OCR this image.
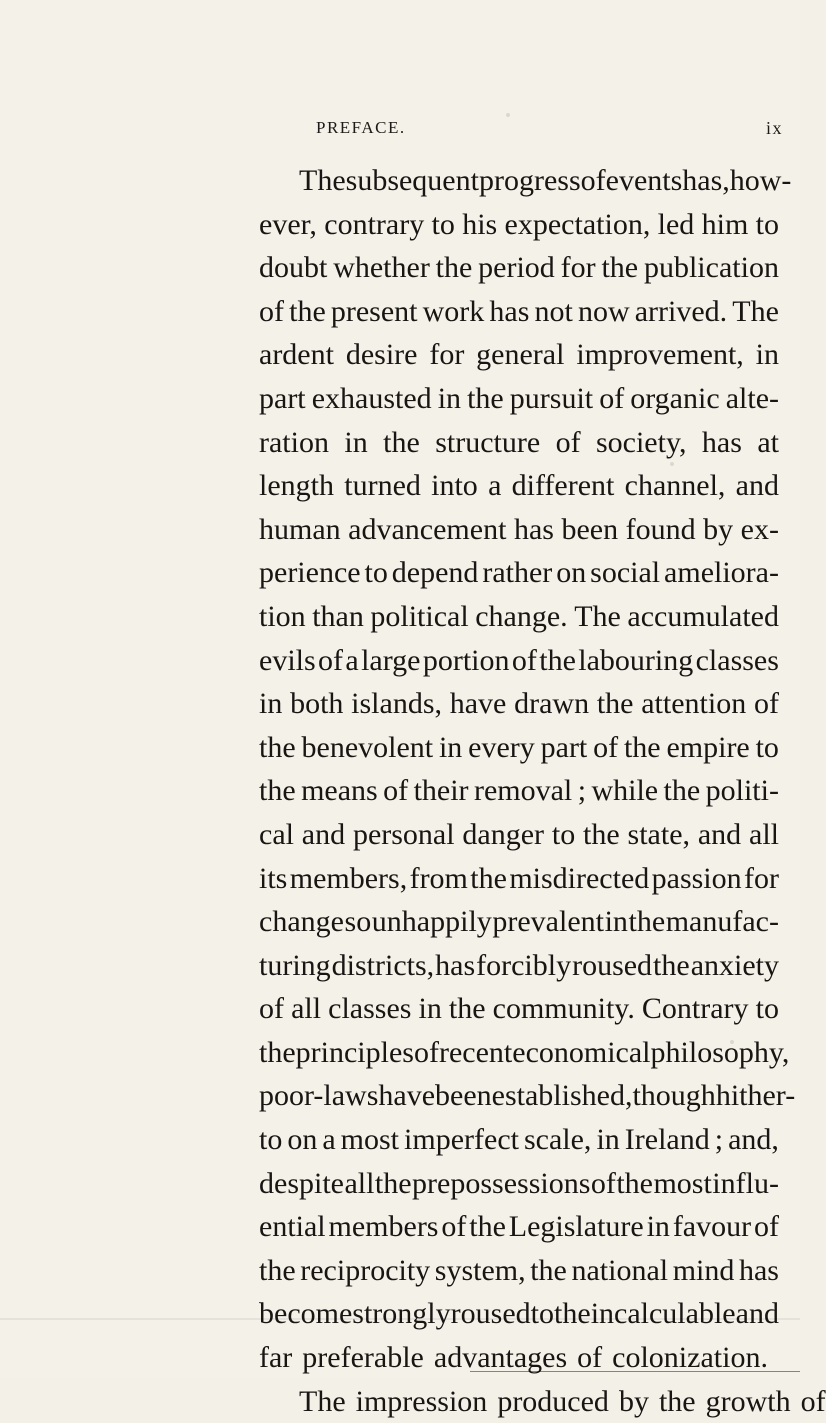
PREFACE.	ix
The subsequent progress of events has, how-
ever, contrary to his expectation, led him to
doubt whether the period for the publication
of the present work has not now arrived. The
ardent desire for general improvement, in
part exhausted in the pursuit of organic alte-
ration in the structure of society, has at
length turned into a different channel, and
human advancement has been found by ex-
perience to depend rather on social ameliora-
tion than political change. The accumulated
evils of a large portion of the labouring classes
in both islands, have drawn the attention of
the benevolent in every part of the empire to
the means of their removal ; while the politi-
cal and personal danger to the state, and all
its members, from the misdirected passion for
change so unhappily prevalent in the manufac-
turing districts, has forcibly roused the anxiety
of all classes in the community. Contrary to
the principles of recent economical philosophy,
poor-laws have been established, though hither-
to on a most imperfect scale, in Ireland ; and,
despite all the prepossessions of the most influ-
ential members of the Legislature in favour of
the reciprocity system, the national mind has
become strongly roused to the incalculable and
far preferable advantages of colonization.
The impression produced by the growth of
